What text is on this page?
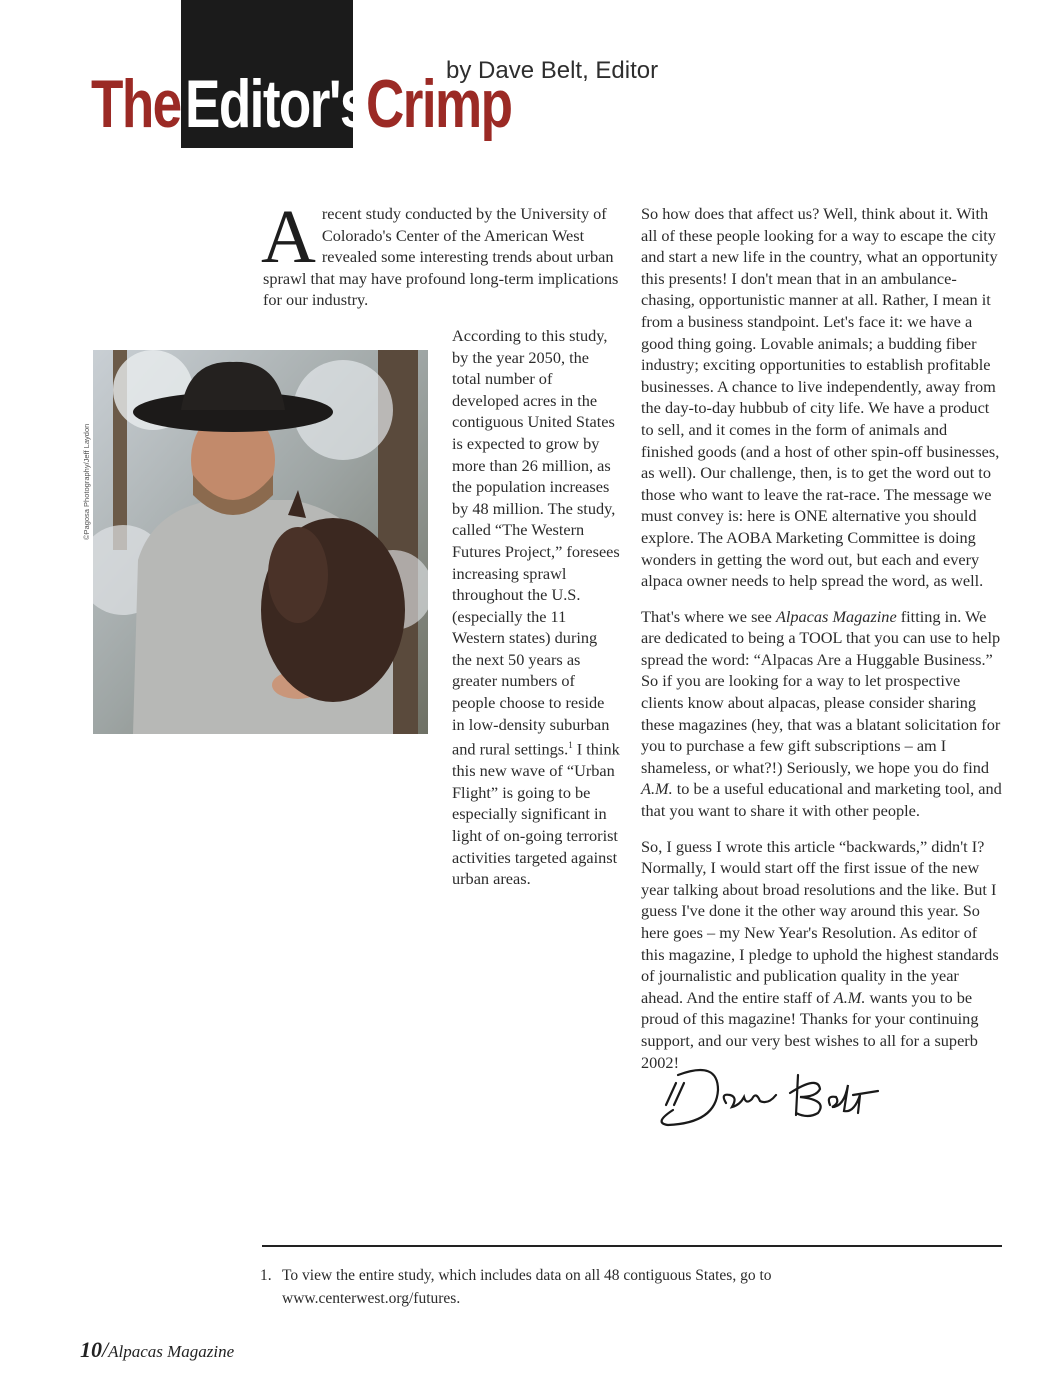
The Editor's
Crimp
by Dave Belt, Editor
©Pagosa Photography/Jeff Laydon

Arecent study conducted by the University of Colorado's Center of the American West revealed some interesting trends about urban sprawl that may have profound long-term implications for our industry.

According to this study, by the year 2050, the total number of developed acres in the contiguous United States is expected to grow by more than 26 million, as the population increases by 48 million. The study, called “The Western Futures Project,” foresees increasing sprawl throughout the U.S. (especially the 11 Western states) during the next 50 years as greater numbers of people choose to reside in low-density suburban and rural settings.$^1$ I think this new wave of “Urban Flight” is going to be especially significant in light of on-going terrorist activities targeted against urban areas.

So how does that affect us? Well, think about it. With all of these people looking for a way to escape the city and start a new life in the country, what an opportunity this presents! I don't mean that in an ambulance-chasing, opportunistic manner at all. Rather, I mean it from a business standpoint. Let's face it: we have a good thing going. Lovable animals; a budding fiber industry; exciting opportunities to establish profitable businesses. A chance to live independently, away from the day-to-day hubbub of city life. We have a product to sell, and it comes in the form of animals and finished goods (and a host of other spin-off businesses, as well). Our challenge, then, is to get the word out to those who want to leave the rat-race. The message we must convey is: here is ONE alternative you should explore. The AOBA Marketing Committee is doing wonders in getting the word out, but each and every alpaca owner needs to help spread the word, as well.

That's where we see Alpacas Magazine fitting in. We are dedicated to being a TOOL that you can use to help spread the word: “Alpacas Are a Huggable Business.” So if you are looking for a way to let prospective clients know about alpacas, please consider sharing these magazines (hey, that was a blatant solicitation for you to purchase a few gift subscriptions – am I shameless, or what?!) Seriously, we hope you do find A.M. to be a useful educational and marketing tool, and that you want to share it with other people.

So, I guess I wrote this article “backwards,” didn't I? Normally, I would start off the first issue of the new year talking about broad resolutions and the like. But I guess I've done it the other way around this year. So here goes – my New Year's Resolution. As editor of this magazine, I pledge to uphold the highest standards of journalistic and publication quality in the year ahead. And the entire staff of A.M. wants you to be proud of this magazine! Thanks for your continuing support, and our very best wishes to all for a superb 2002!

1. To view the entire study, which includes data on all 48 contiguous States, go to
www.centerwest.org/futures.
10/Alpacas Magazine
